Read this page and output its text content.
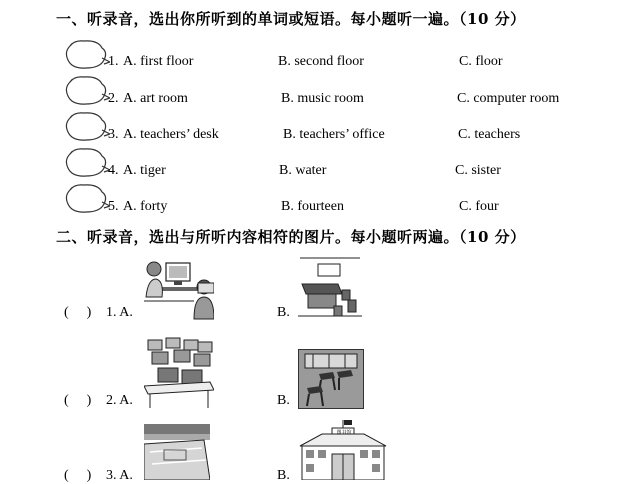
一、听录音，选出你所听到的单词或短语。每小题听一遍。（10 分）
1. A. first floor	B. second floor	C. floor
2. A. art room	B. music room	C. computer room
3. A. teachers’ desk	B. teachers’ office	C. teachers
4. A. tiger	B. water	C. sister
5. A. forty	B. fourteen	C. four
二、听录音，选出与所听内容相符的图片。每小题听两遍。（10 分）
( ) 1. A.	B.
( ) 2. A.	B.
( ) 3. A.	B.
图书馆
